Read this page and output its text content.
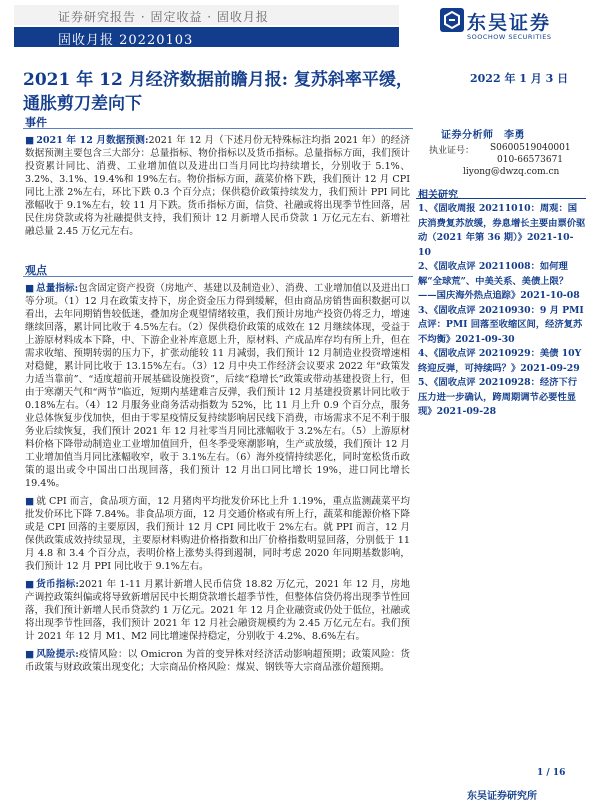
证券研究报告 · 固定收益 · 固收月报
固收月报 20220103
东吴证券
SOOCHOW SECURITIES
2021 年 12 月经济数据前瞻月报: 复苏斜率平缓，通胀剪刀差向下
2022 年 1 月 3 日
事件

■ 2021 年 12 月数据预测:2021 年 12 月（下述月份无特殊标注均指 2021 年）的经济数据预测主要包含三大部分：总量指标、物价指标以及货币指标。总量指标方面，我们预计投资累计同比、消费、工业增加值以及进出口当月同比均持续增长，分别收于 5.1%、3.2%、3.1%、19.4%和 19%左右。物价指标方面，蔬菜价格下跌，我们预计 12 月 CPI 同比上涨 2%左右，环比下跌 0.3 个百分点；保供稳价政策持续发力，我们预计 PPI 同比涨幅收于 9.1%左右，较 11 月下跌。货币指标方面，信贷、社融或将出现季节性回落，居民住房贷款或将为社融提供支持，我们预计 12 月新增人民币贷款 1 万亿元左右、新增社融总量 2.45 万亿元左右。

观点

■ 总量指标:包含固定资产投资（房地产、基建以及制造业）、消费、工业增加值以及进出口等分项。（1）12 月在政策支持下，房企资金压力得到缓解，但由商品房销售面积数据可以看出，去年同期销售较低迷，叠加房企观望情绪较重，我们预计房地产投资仍将乏力，增速继续回落，累计同比收于 4.5%左右。（2）保供稳价政策的成效在 12 月继续体现，受益于上游原材料成本下降，中、下游企业补库意愿上升，原材料、产成品库存均有所上升，但在需求收缩、预期转弱的压力下，扩张动能较 11 月减弱，我们预计 12 月制造业投资增速相对稳健，累计同比收于 13.15%左右。（3）12 月中央工作经济会议要求 2022 年“政策发力适当靠前”、“适度超前开展基础设施投资”，后续“稳增长”政策或带动基建投资上行，但由于寒潮天气和“两节”临近，短期内基建难言反弹，我们预计 12 月基建投资累计同比收于 0.18%左右。（4）12 月服务业商务活动指数为 52%，比 11 月上升 0.9 个百分点，服务业总体恢复步伐加快，但由于零星疫情反复持续影响居民线下消费，市场需求不足不利于服务业后续恢复，我们预计 2021 年 12 月社零当月同比涨幅收于 3.2%左右。（5）上游原材料价格下降带动制造业工业增加值回升，但冬季受寒潮影响，生产或放缓，我们预计 12 月工业增加值当月同比涨幅收窄，收于 3.1%左右。（6）海外疫情持续恶化，同时宽松货币政策的退出或令中国出口出现回落，我们预计 12 月出口同比增长 19%，进口同比增长 19.4%。

■ 就 CPI 而言，食品项方面，12 月猪肉平均批发价环比上升 1.19%，重点监测蔬菜平均批发价环比下降 7.84%。非食品项方面，12 月交通价格或有所上行，蔬菜和能源价格下降或是 CPI 回落的主要原因，我们预计 12 月 CPI 同比收于 2%左右。就 PPI 而言，12 月保供政策成效持续显现，主要原材料购进价格指数和出厂价格指数明显回落，分别低于 11 月 4.8 和 3.4 个百分点，表明价格上涨势头得到遏制，同时考虑 2020 年同期基数影响，我们预计 12 月 PPI 同比收于 9.1%左右。

■ 货币指标:2021 年 1-11 月累计新增人民币信贷 18.82 万亿元，2021 年 12 月，房地产调控政策纠偏或将导致新增居民中长期贷款增长超季节性，但整体信贷仍将出现季节性回落，我们预计新增人民币贷款约 1 万亿元。2021 年 12 月企业融资或仍处于低位，社融或将出现季节性回落，我们预计 2021 年 12 月社会融资规模约为 2.45 万亿元左右。我们预计 2021 年 12 月 M1、M2 同比增速保持稳定，分别收于 4.2%、8.6%左右。

■ 风险提示:疫情风险：以 Omicron 为首的变异株对经济活动影响超预期；政策风险：货币政策与财政政策出现变化；大宗商品价格风险：煤炭、钢铁等大宗商品涨价超预期。

证券分析师　李勇
执业证号： S0600519040001
010-66573671
liyong@dwzq.com.cn
相关研究
1、《固收周报 20211010：周观：国庆消费复苏放缓，券息增长主要由票价驱动（2021 年第 36 期）》2021-10-10
2、《固收点评 20211008：如何理解“全球荒”、中美关系、美债上限？——国庆海外热点追踪》2021-10-08
3、《固收点评 20210930：9 月 PMI 点评：PMI 回落至收缩区间，经济复苏不均衡》2021-09-30
4、《固收点评 20210929：美债 10Y 终迎反弹，可持续吗？》2021-09-29
5、《固收点评 20210928：经济下行压力进一步确认，跨周期调节必要性显现》2021-09-28
1 / 16
东吴证券研究所
